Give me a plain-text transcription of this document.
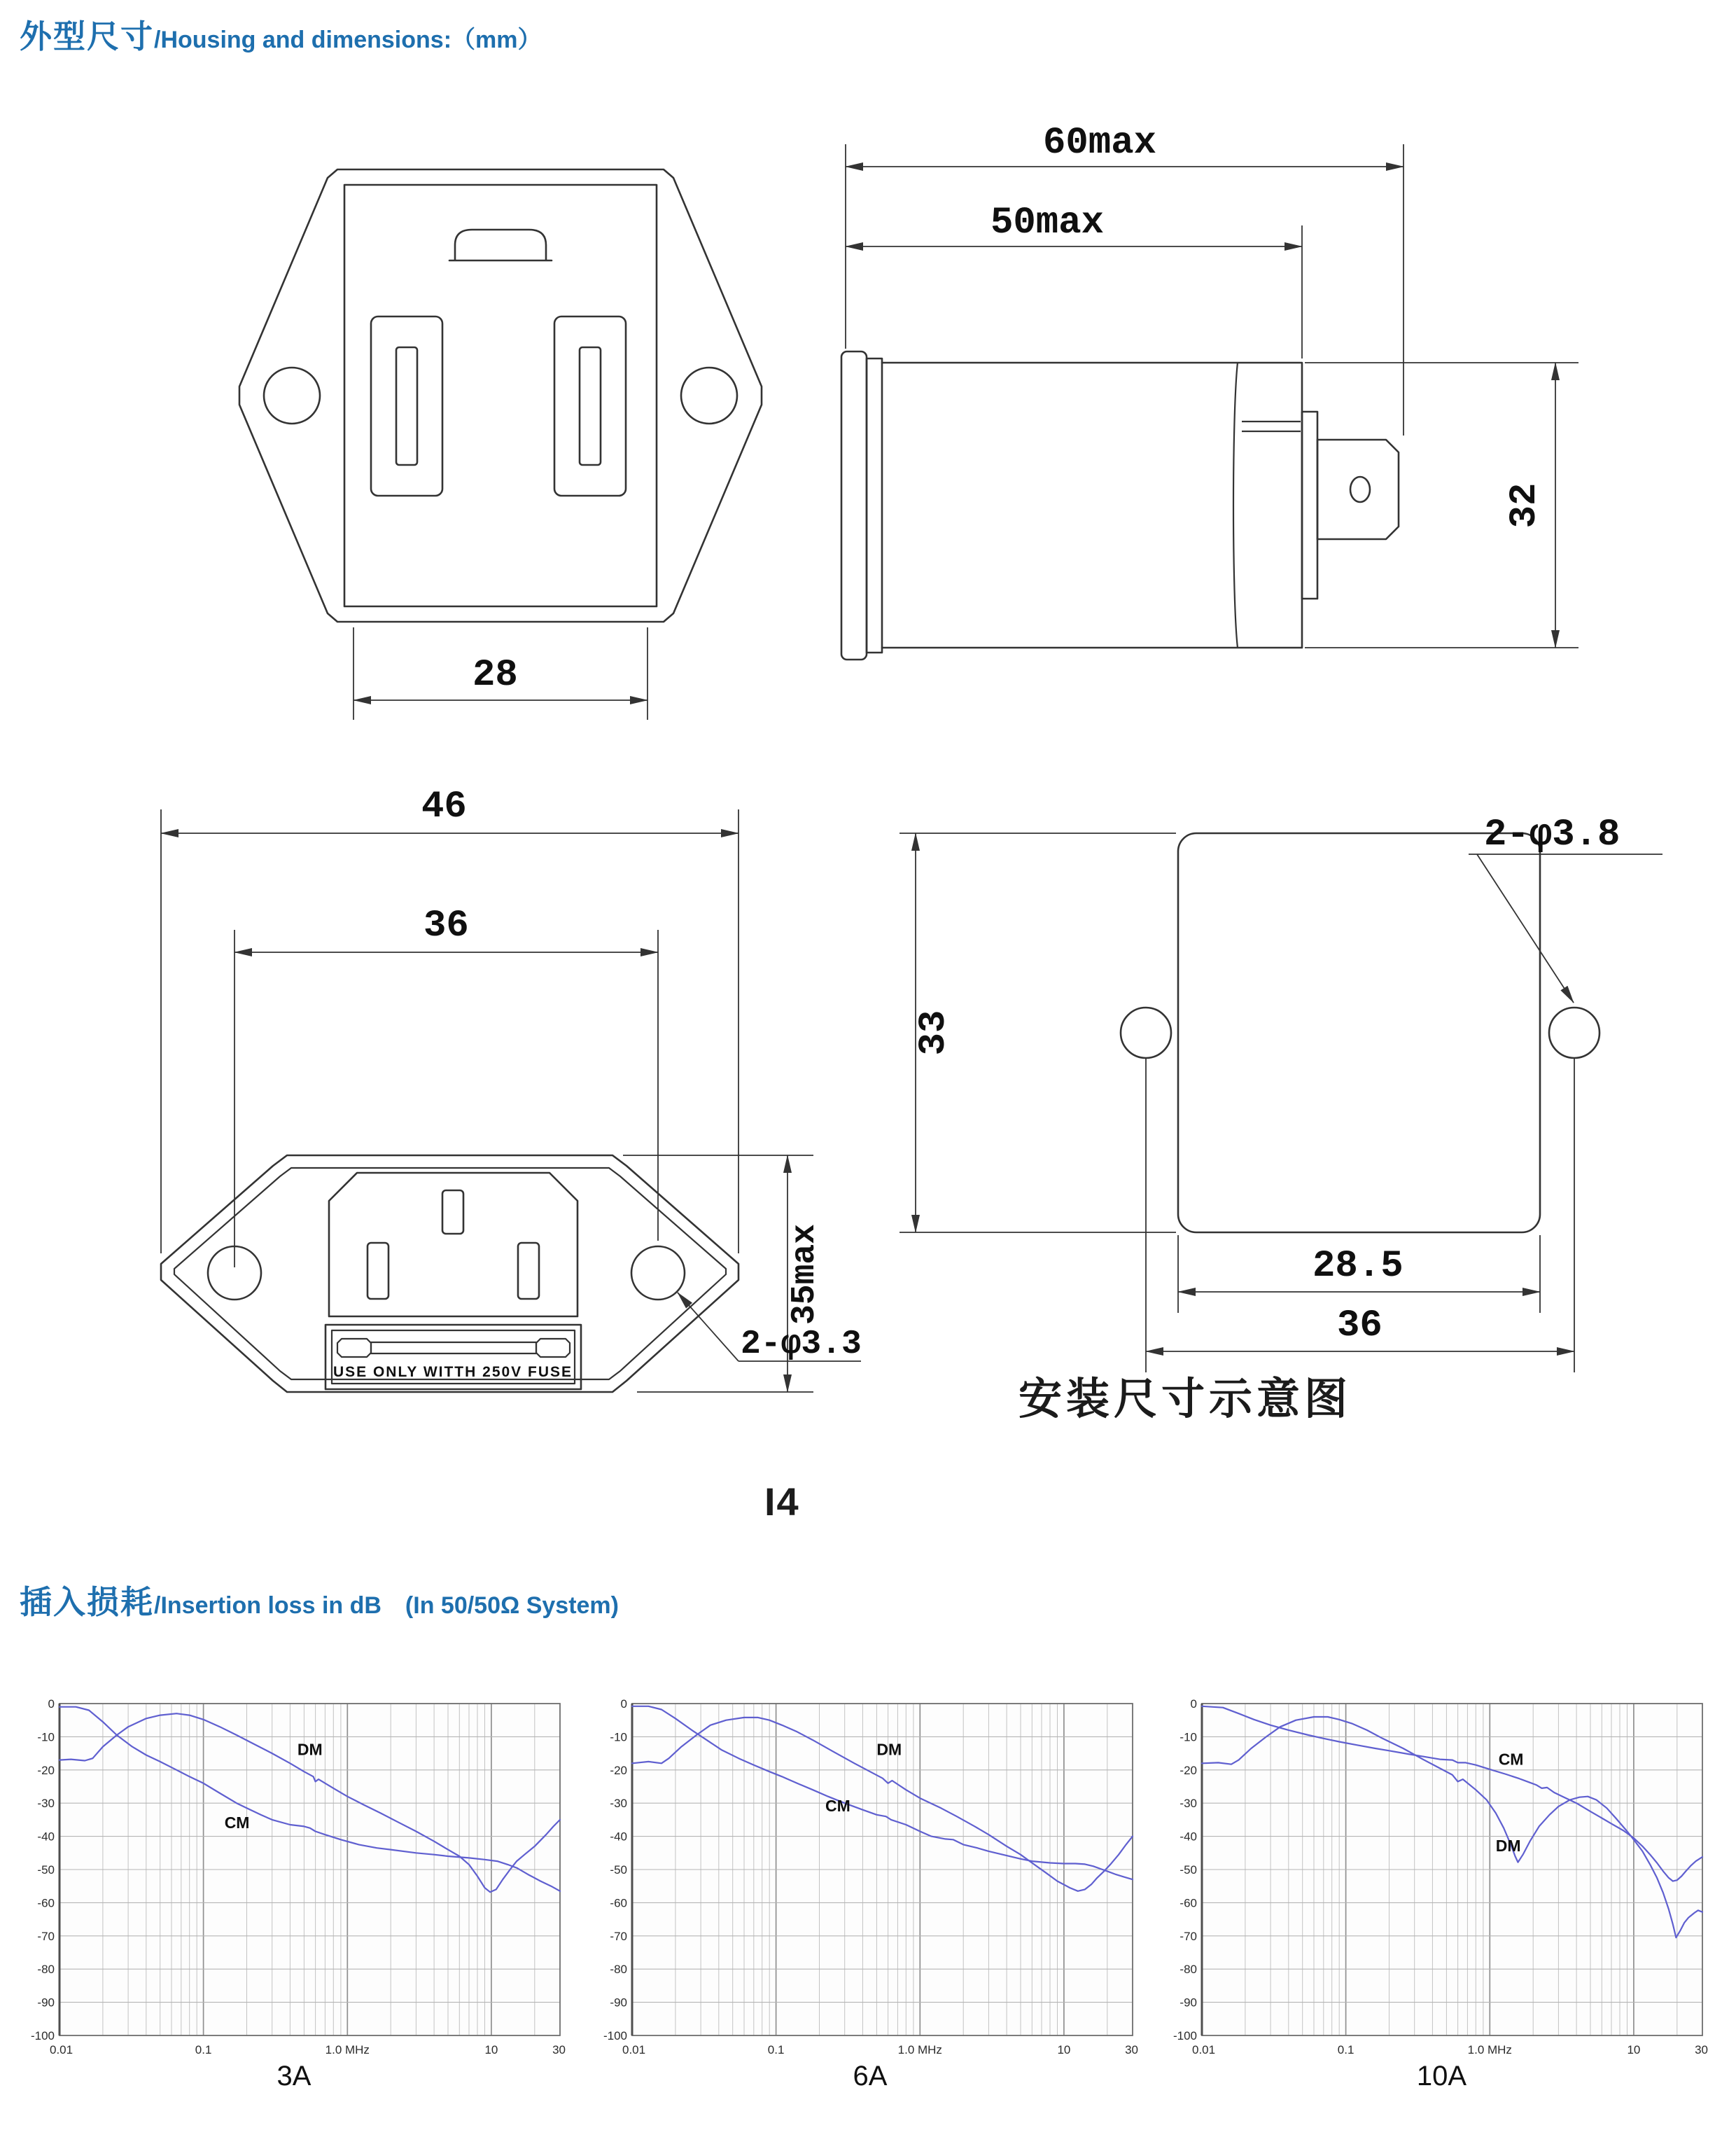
外型尺寸 /Housing and dimensions:（mm）
28
60max
50max
32
46
36
USE ONLY WITTH 250V FUSE
35max
2-φ3.3
33
28.5
36
2-φ3.8
安装尺寸示意图
I4
插入损耗 /Insertion loss in dB　(In 50/50Ω System)
0
-10
-20
-30
-40
-50
-60
-70
-80
-90
-100
0.01	0.1	1.0 MHz	10	30
DM
CM
0
-10
-20
-30
-40
-50
-60
-70
-80
-90
-100
0.01	0.1	1.0 MHz	10	30
DM
CM
0
-10
-20
-30
-40
-50
-60
-70
-80
-90
-100
0.01	0.1	1.0 MHz	10	30
CM
DM
3A	6A	10A
